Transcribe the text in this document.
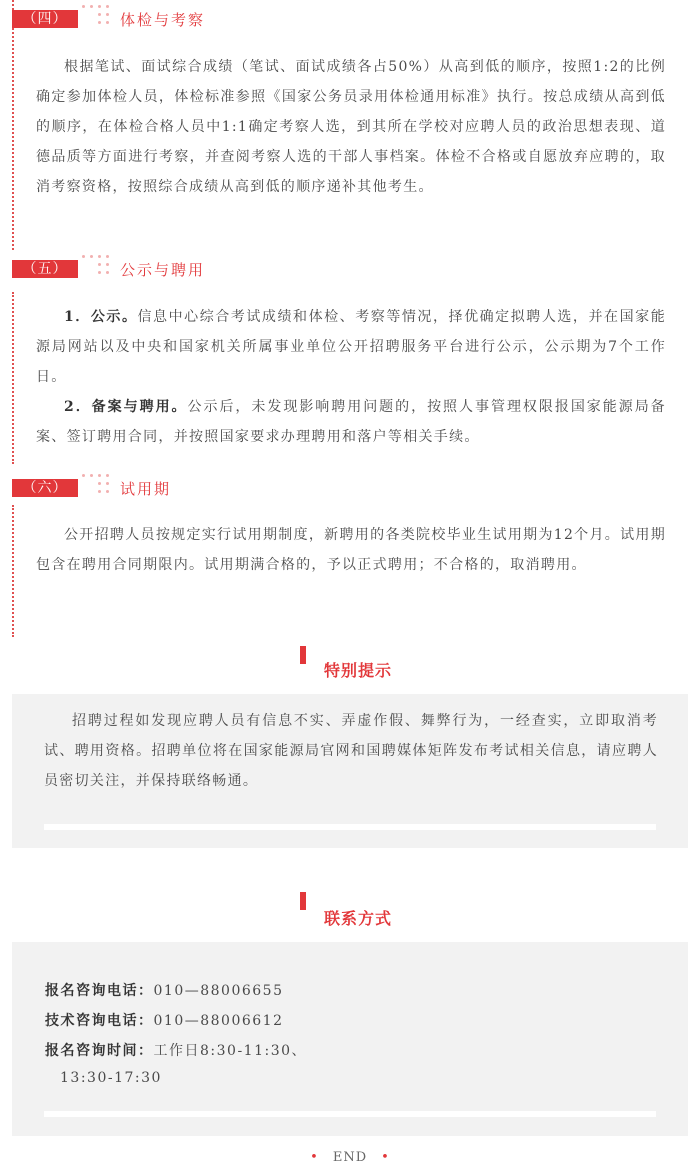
（四）	体检与考察

根据笔试、面试综合成绩（笔试、面试成绩各占50%）从高到低的顺序，按照1:2的比例确定参加体检人员，体检标准参照《国家公务员录用体检通用标准》执行。按总成绩从高到低的顺序，在体检合格人员中1:1确定考察人选，到其所在学校对应聘人员的政治思想表现、道德品质等方面进行考察，并查阅考察人选的干部人事档案。体检不合格或自愿放弃应聘的，取消考察资格，按照综合成绩从高到低的顺序递补其他考生。

（五）	公示与聘用

1．公示。信息中心综合考试成绩和体检、考察等情况，择优确定拟聘人选，并在国家能源局网站以及中央和国家机关所属事业单位公开招聘服务平台进行公示，公示期为7个工作日。

2．备案与聘用。公示后，未发现影响聘用问题的，按照人事管理权限报国家能源局备案、签订聘用合同，并按照国家要求办理聘用和落户等相关手续。

（六）	试用期

公开招聘人员按规定实行试用期制度，新聘用的各类院校毕业生试用期为12个月。试用期包含在聘用合同期限内。试用期满合格的，予以正式聘用；不合格的，取消聘用。

特别提示

招聘过程如发现应聘人员有信息不实、弄虚作假、舞弊行为，一经查实，立即取消考试、聘用资格。招聘单位将在国家能源局官网和国聘媒体矩阵发布考试相关信息，请应聘人员密切关注，并保持联络畅通。

联系方式
报名咨询电话：010—88006655
技术咨询电话：010—88006612
报名咨询时间：工作日8:30-11:30、
13:30-17:30
• END •
